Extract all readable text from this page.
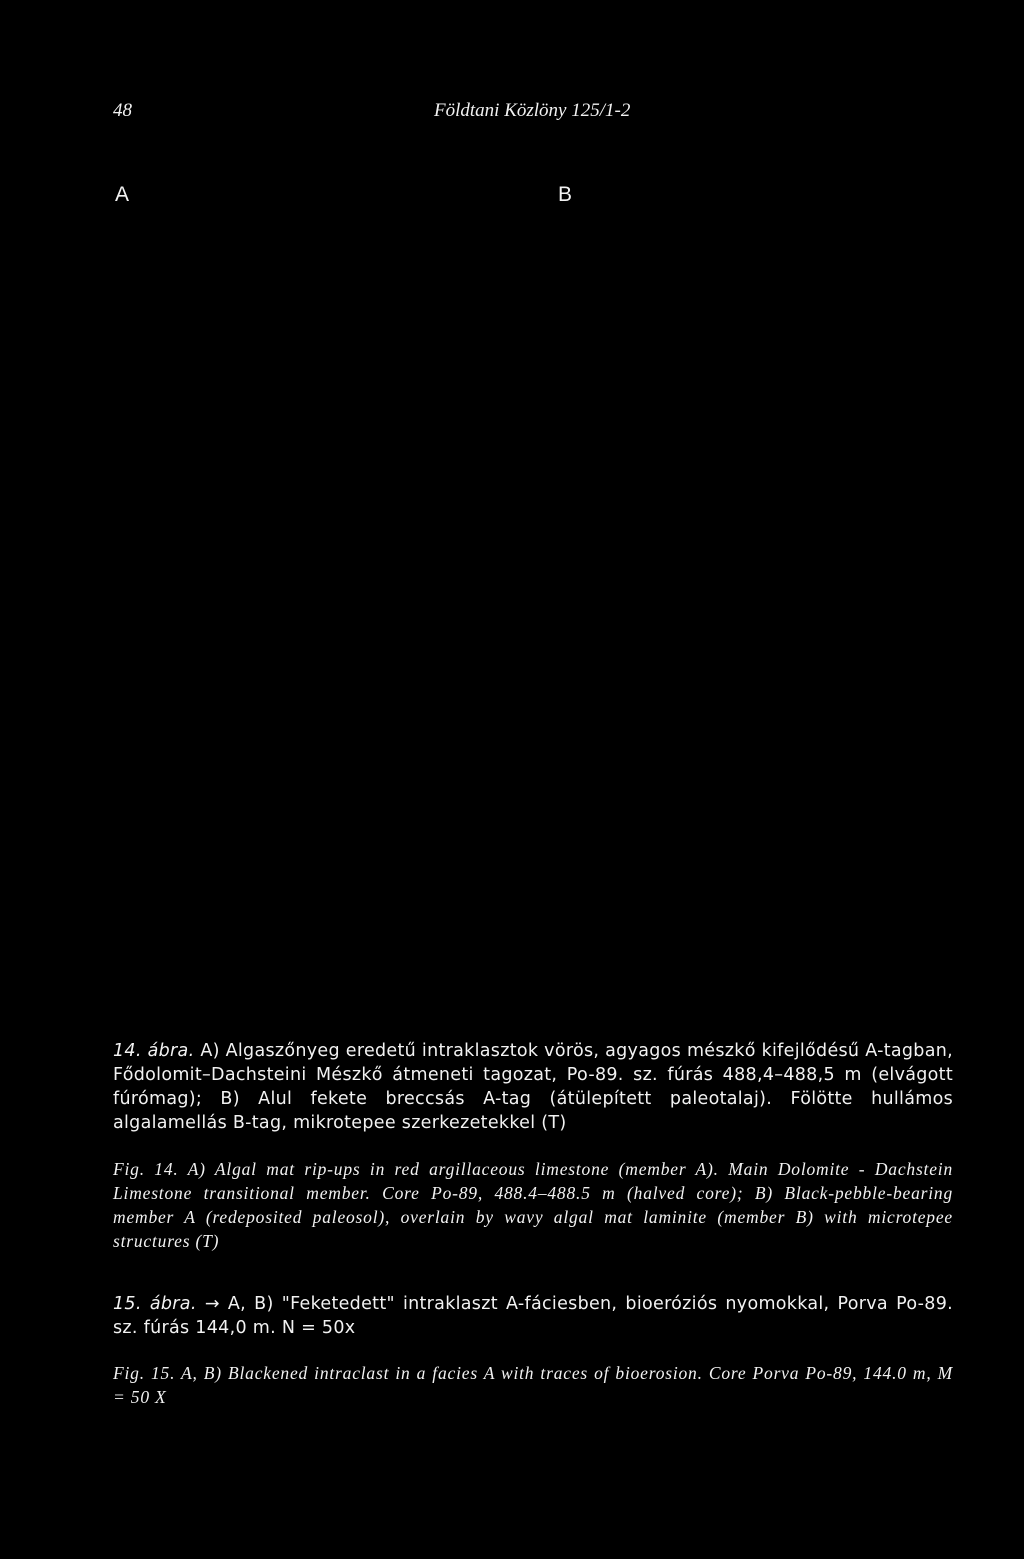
48	Földtani Közlöny 125/1-2
A	B
14. ábra. A) Algaszőnyeg eredetű intraklasztok vörös, agyagos mészkő kifejlődésű A-tagban, Fődolomit–Dachsteini Mészkő átmeneti tagozat, Po-89. sz. fúrás 488,4–488,5 m (elvágott fúrómag); B) Alul fekete breccsás A-tag (átülepített paleotalaj). Fölötte hullámos algalamellás B-tag, mikrotepee szerkezetekkel (T)
Fig. 14. A) Algal mat rip-ups in red argillaceous limestone (member A). Main Dolomite - Dachstein Limestone transitional member. Core Po-89, 488.4–488.5 m (halved core); B) Black-pebble-bearing member A (redeposited paleosol), overlain by wavy algal mat laminite (member B) with microtepee structures (T)
15. ábra. → A, B) "Feketedett" intraklaszt A-fáciesben, bioeróziós nyomokkal, Porva Po-89. sz. fúrás 144,0 m. N = 50x
Fig. 15. A, B) Blackened intraclast in a facies A with traces of bioerosion. Core Porva Po-89, 144.0 m, M = 50 X
